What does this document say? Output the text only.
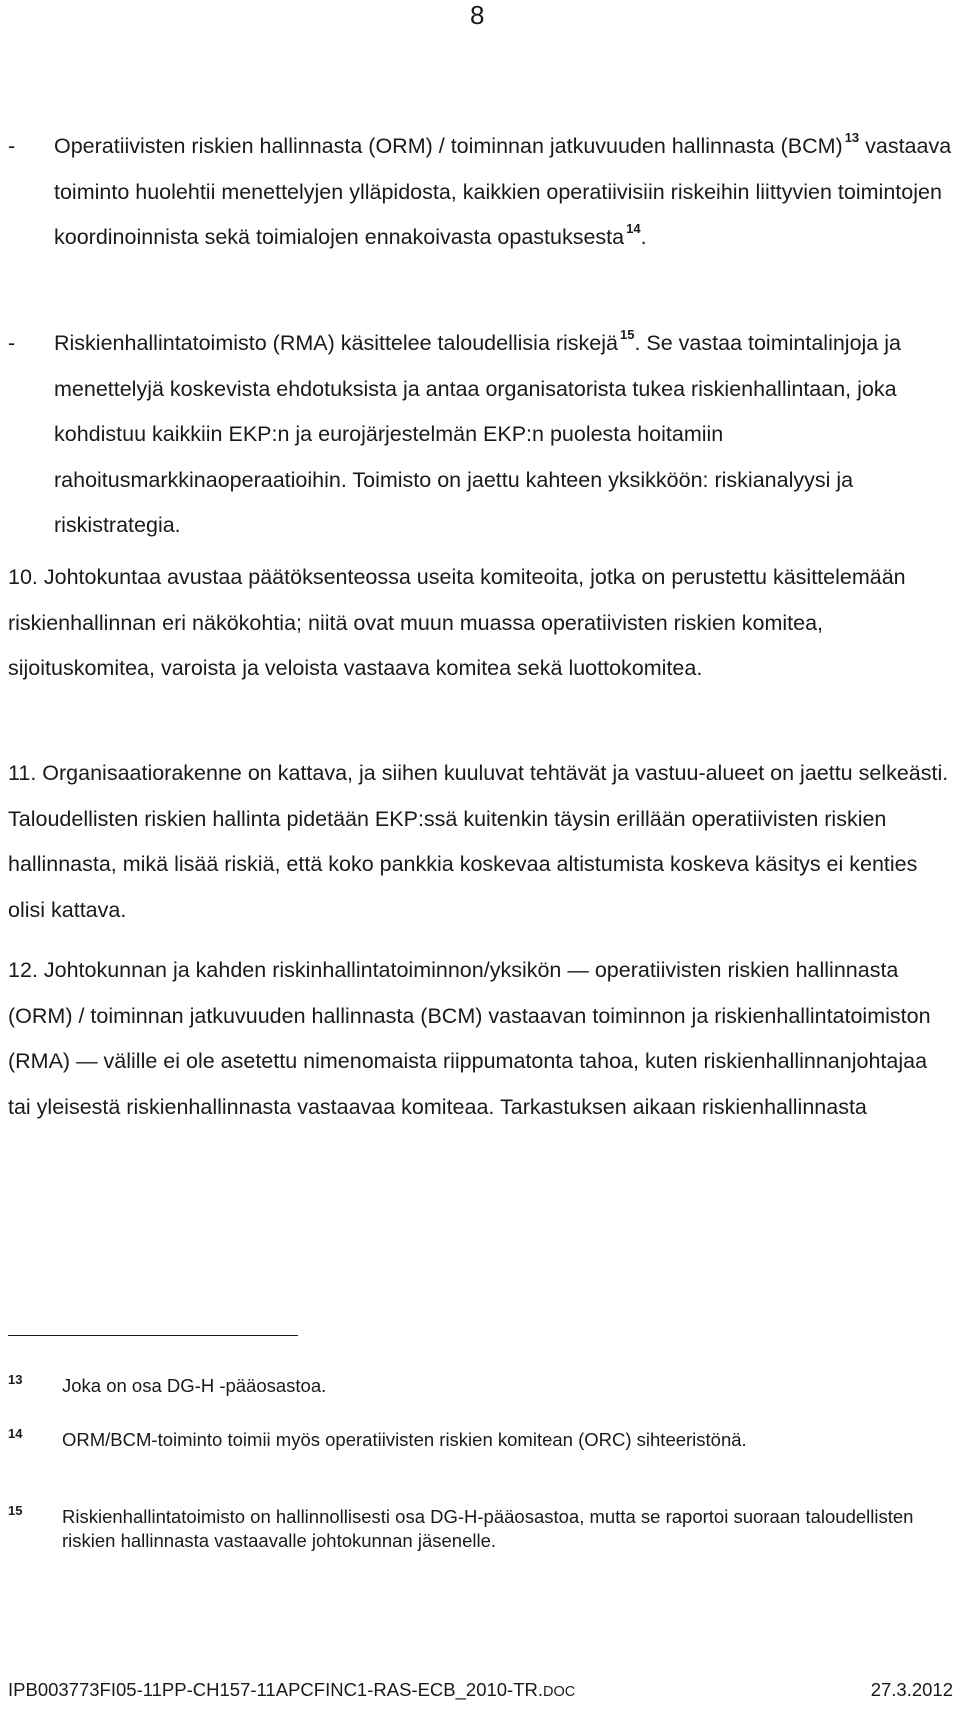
8
- Operatiivisten riskien hallinnasta (ORM) / toiminnan jatkuvuuden hallinnasta (BCM) $^{13}$ vastaava toiminto huolehtii menettelyjen ylläpidosta, kaikkien operatiivisiin riskeihin liittyvien toimintojen koordinoinnista sekä toimialojen ennakoivasta opastuksesta $^{14}$.
- Riskienhallintatoimisto (RMA) käsittelee taloudellisia riskejä $^{15}$. Se vastaa toimintalinjoja ja menettelyjä koskevista ehdotuksista ja antaa organisatorista tukea riskienhallintaan, joka kohdistuu kaikkiin EKP:n ja eurojärjestelmän EKP:n puolesta hoitamiin rahoitusmarkkinaoperaatioihin. Toimisto on jaettu kahteen yksikköön: riskianalyysi ja riskistrategia.
10. Johtokuntaa avustaa päätöksenteossa useita komiteoita, jotka on perustettu käsittelemään riskienhallinnan eri näkökohtia; niitä ovat muun muassa operatiivisten riskien komitea, sijoituskomitea, varoista ja veloista vastaava komitea sekä luottokomitea.
11. Organisaatiorakenne on kattava, ja siihen kuuluvat tehtävät ja vastuu-alueet on jaettu selkeästi. Taloudellisten riskien hallinta pidetään EKP:ssä kuitenkin täysin erillään operatiivisten riskien hallinnasta, mikä lisää riskiä, että koko pankkia koskevaa altistumista koskeva käsitys ei kenties olisi kattava.
12. Johtokunnan ja kahden riskinhallintatoiminnon/yksikön — operatiivisten riskien hallinnasta (ORM) / toiminnan jatkuvuuden hallinnasta (BCM) vastaavan toiminnon ja riskienhallintatoimiston (RMA) — välille ei ole asetettu nimenomaista riippumatonta tahoa, kuten riskienhallinnanjohtajaa tai yleisestä riskienhallinnasta vastaavaa komiteaa. Tarkastuksen aikaan riskienhallinnasta
13 Joka on osa DG-H -pääosastoa.
14 ORM/BCM-toiminto toimii myös operatiivisten riskien komitean (ORC) sihteeristönä.
15 Riskienhallintatoimisto on hallinnollisesti osa DG-H-pääosastoa, mutta se raportoi suoraan taloudellisten riskien hallinnasta vastaavalle johtokunnan jäsenelle.
IPB003773FI05-11PP-CH157-11APCFINC1-RAS-ECB_2010-TR.DOC	27.3.2012
